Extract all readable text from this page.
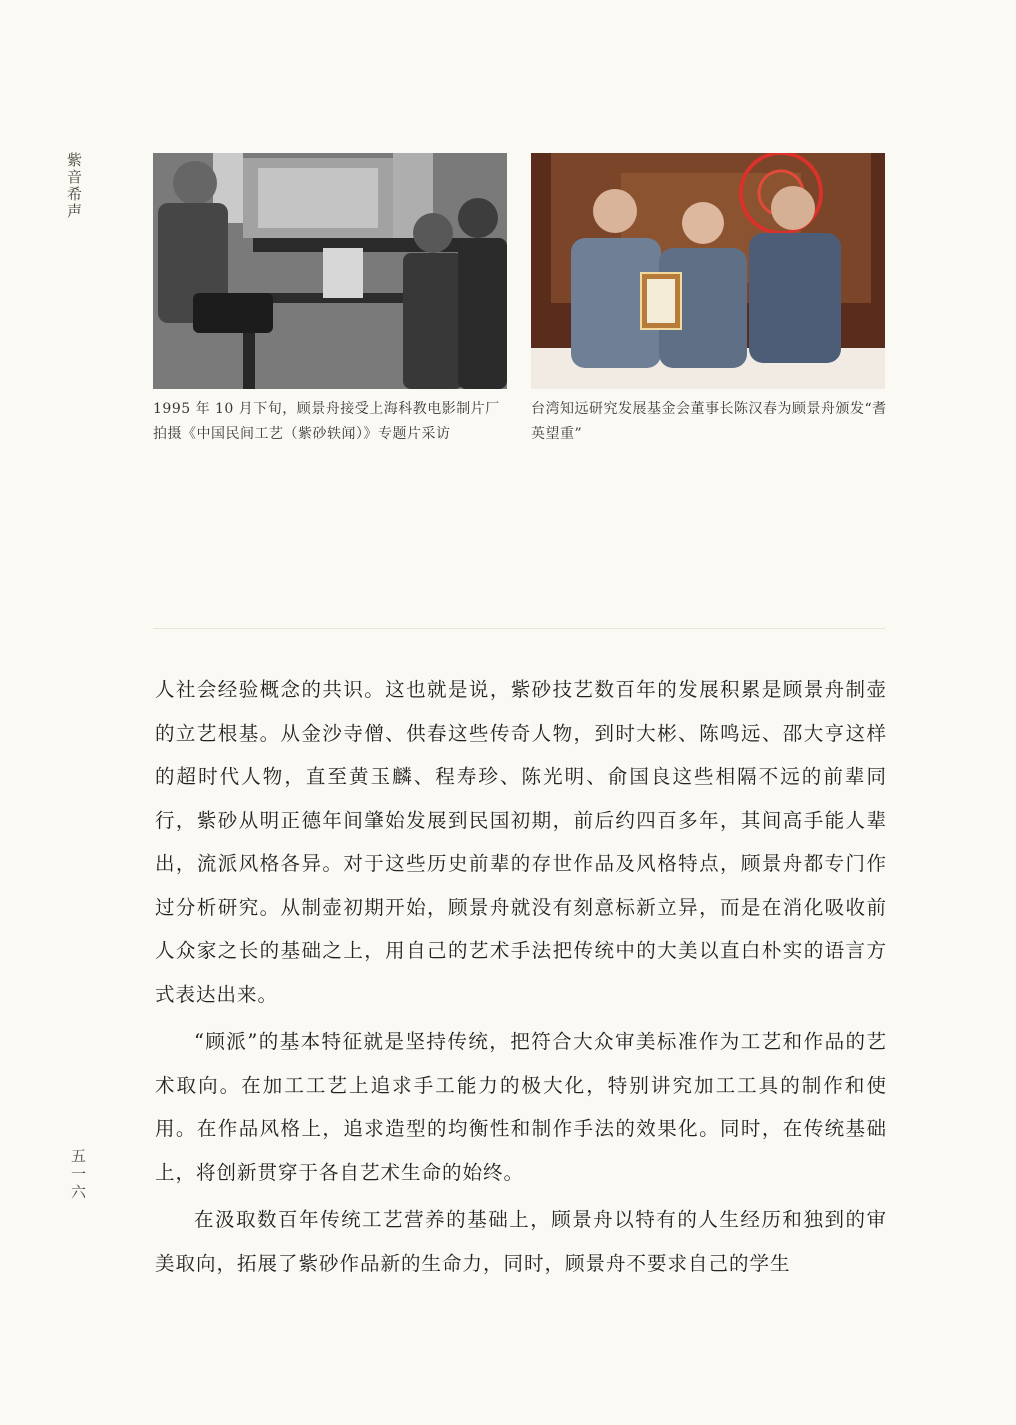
紫音希声
1995 年 10 月下旬，顾景舟接受上海科教电影制片厂拍摄《中国民间工艺（紫砂轶闻）》专题片采访
台湾知远研究发展基金会董事长陈汉春为顾景舟颁发“耆英望重”

人社会经验概念的共识。这也就是说，紫砂技艺数百年的发展积累是顾景舟制壶的立艺根基。从金沙寺僧、供春这些传奇人物，到时大彬、陈鸣远、邵大亨这样的超时代人物，直至黄玉麟、程寿珍、陈光明、俞国良这些相隔不远的前辈同行，紫砂从明正德年间肇始发展到民国初期，前后约四百多年，其间高手能人辈出，流派风格各异。对于这些历史前辈的存世作品及风格特点，顾景舟都专门作过分析研究。从制壶初期开始，顾景舟就没有刻意标新立异，而是在消化吸收前人众家之长的基础之上，用自己的艺术手法把传统中的大美以直白朴实的语言方式表达出来。

“顾派”的基本特征就是坚持传统，把符合大众审美标准作为工艺和作品的艺术取向。在加工工艺上追求手工能力的极大化，特别讲究加工工具的制作和使用。在作品风格上，追求造型的均衡性和制作手法的效果化。同时，在传统基础上，将创新贯穿于各自艺术生命的始终。

在汲取数百年传统工艺营养的基础上，顾景舟以特有的人生经历和独到的审美取向，拓展了紫砂作品新的生命力，同时，顾景舟不要求自己的学生

五一六
